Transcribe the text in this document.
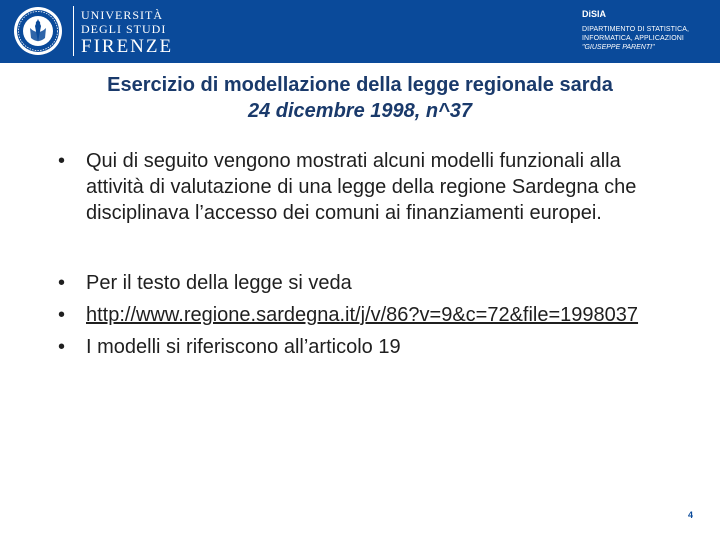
UNIVERSITÀ
DEGLI STUDI
FIRENZE
DiSIA
DIPARTIMENTO DI STATISTICA,
INFORMATICA, APPLICAZIONI
"GIUSEPPE PARENTI"
Esercizio di modellazione della legge regionale sarda
24 dicembre 1998, n^37
• Qui di seguito vengono mostrati alcuni modelli funzionali alla attività di valutazione di una legge della regione Sardegna che disciplinava l’accesso dei comuni ai finanziamenti europei.
• Per il testo della legge si veda
• http://www.regione.sardegna.it/j/v/86?v=9&c=72&file=1998037
• I modelli si riferiscono all’articolo 19
4
